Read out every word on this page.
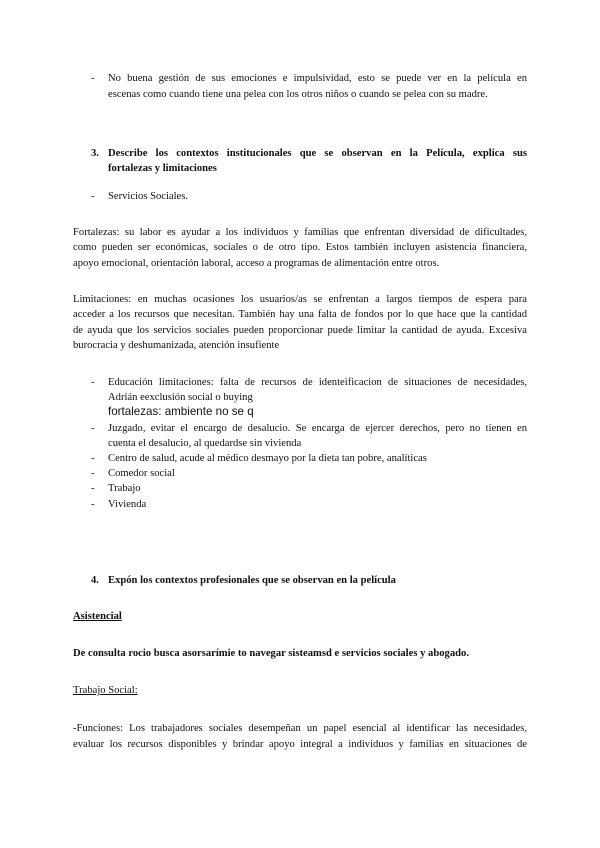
- No buena gestión de sus emociones e impulsividad, esto se puede ver en la película en
escenas como cuando tiene una pelea con los otros niños o cuando se pelea con su madre.
3. Describe los contextos institucionales que se observan en la Película, explica sus
fortalezas y limitaciones
- Servicios Sociales.
Fortalezas: su labor es ayudar a los individuos y familias que enfrentan diversidad de dificultades,
como pueden ser económicas, sociales o de otro tipo. Estos también incluyen asistencia financiera,
apoyo emocional, orientación laboral, acceso a programas de alimentación entre otros.
Limitaciones: en muchas ocasiones los usuarios/as se enfrentan a largos tiempos de espera para
acceder a los recursos que necesitan. También hay una falta de fondos por lo que hace que la cantidad
de ayuda que los servicios sociales pueden proporcionar puede limitar la cantidad de ayuda. Excesiva
burocracia y deshumanizada, atención insufiente
- Educación limitaciones: falta de recursos de identeificacion de situaciones de necesidades,
Adrián eexclusión social o buying
fortalezas: ambiente no se q
- Juzgado, evitar el encargo de desalucio. Se encarga de ejercer derechos, pero no tienen en
cuenta el desalucio, al quedardse sin vivienda
- Centro de salud, acude al médico desmayo por la dieta tan pobre, analíticas
- Comedor social
- Trabajo
- Vivienda
4. Expón los contextos profesionales que se observan en la película
Asistencial
De consulta rocio busca asorsarímie to navegar sisteamsd e servicios sociales y abogado.
Trabajo Social:
-Funciones: Los trabajadores sociales desempeñan un papel esencial al identificar las necesidades,
evaluar los recursos disponibles y brindar apoyo integral a individuos y familias en situaciones de
